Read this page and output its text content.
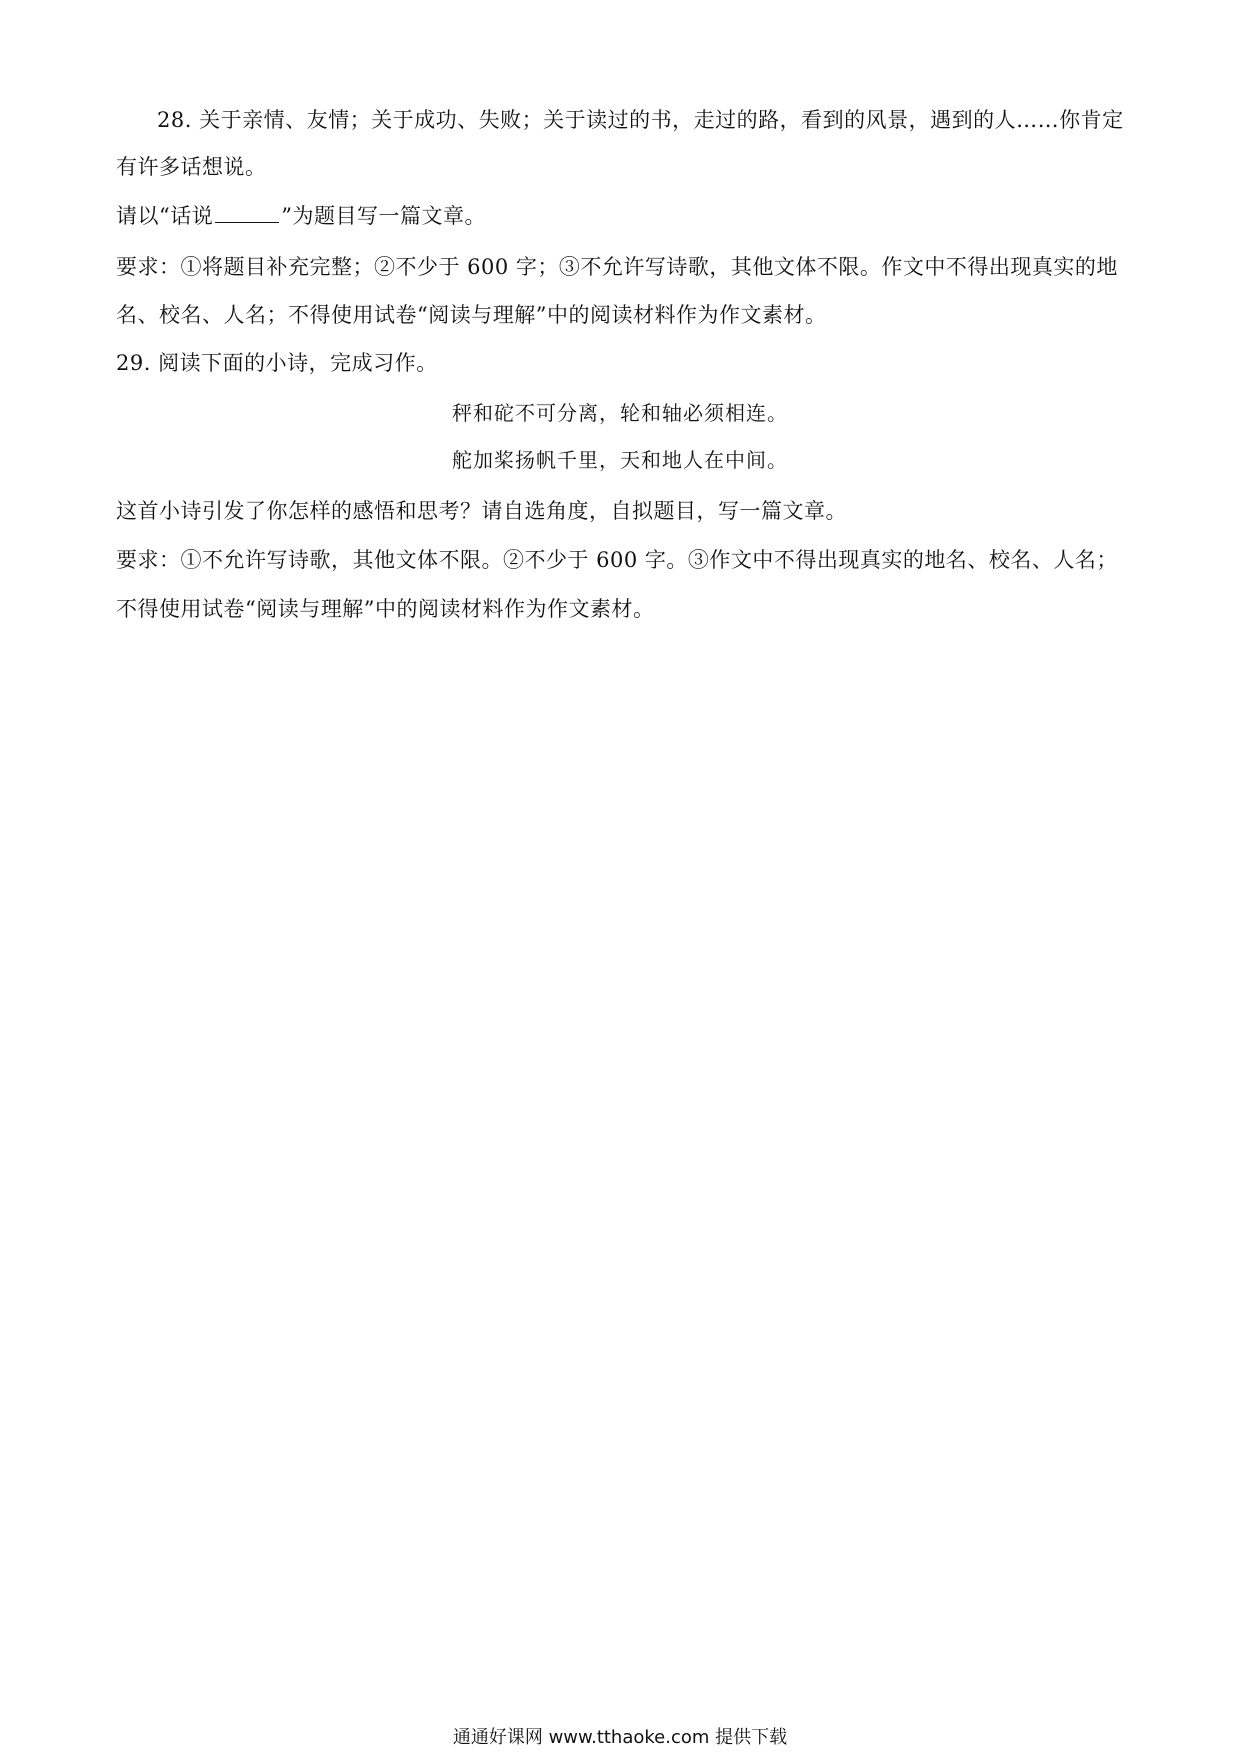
28. 关于亲情、友情；关于成功、失败；关于读过的书，走过的路，看到的风景，遇到的人……你肯定
有许多话想说。
请以“话说	”为题目写一篇文章。
要求：①将题目补充完整；②不少于 600 字；③不允许写诗歌，其他文体不限。作文中不得出现真实的地
名、校名、人名；不得使用试卷“阅读与理解”中的阅读材料作为作文素材。
29. 阅读下面的小诗，完成习作。
秤和砣不可分离，轮和轴必须相连。
舵加桨扬帆千里，天和地人在中间。
这首小诗引发了你怎样的感悟和思考？请自选角度，自拟题目，写一篇文章。
要求：①不允许写诗歌，其他文体不限。②不少于 600 字。③作文中不得出现真实的地名、校名、人名；
不得使用试卷“阅读与理解”中的阅读材料作为作文素材。
通通好课网 www.tthaoke.com 提供下载
